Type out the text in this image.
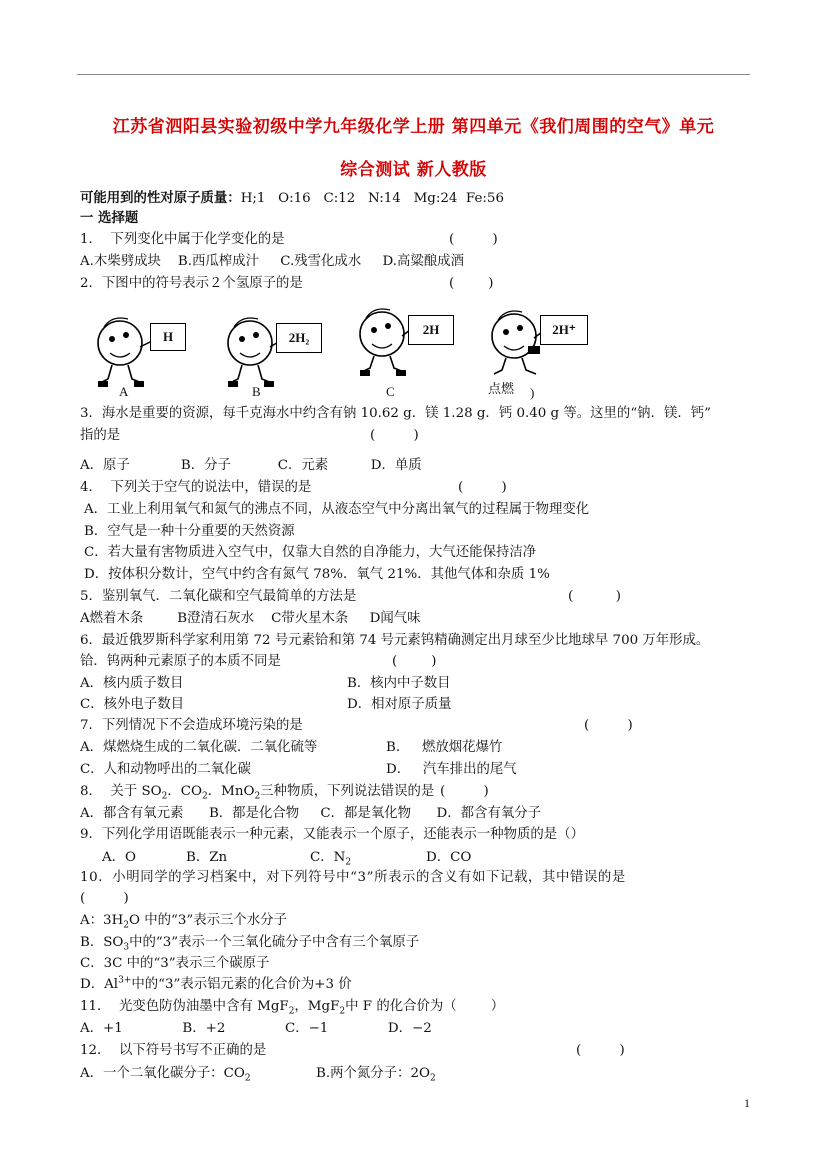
江苏省泗阳县实验初级中学九年级化学上册 第四单元《我们周围的空气》单元
综合测试 新人教版
可能用到的性对原子质量：H;1   O:16   C:12   N:14   Mg:24  Fe:56
一 选择题
1．  下列变化中属于化学变化的是	(         )
A.木柴劈成块    B.西瓜榨成汁     C.残雪化成水     D.高粱酿成酒
2．下图中的符号表示２个氢原子的是	(        )
H
A
2H₂
B
2H
C
2H⁺
点燃 )
3．海水是重要的资源，每千克海水中约含有钠 10.62 g．镁 1.28 g．钙 0.40 g 等。这里的“钠．镁．钙”
指的是	(         )
A．原子            B．分子           C．元素          D．单质
4．  下列关于空气的说法中，错误的是	(         )
A．工业上利用氧气和氮气的沸点不同，从液态空气中分离出氧气的过程属于物理变化
B．空气是一种十分重要的天然资源
C．若大量有害物质进入空气中，仅靠大自然的自净能力，大气还能保持洁净
D．按体积分数计，空气中约含有氮气 78%．氧气 21%．其他气体和杂质 1%
5．鉴别氧气．二氧化碳和空气最简单的方法是	(          )
A燃着木条        B澄清石灰水    C带火星木条     D闻气味
6．最近俄罗斯科学家利用第 72 号元素铪和第 74 号元素钨精确测定出月球至少比地球早 700 万年形成。
铪．钨两种元素原子的本质不同是	(        )
A．核内质子数目	B．核内中子数目
C．核外电子数目	D．相对原子质量
7．下列情况下不会造成环境污染的是	(         )
A．煤燃烧生成的二氧化碳．二氧化硫等	B．   燃放烟花爆竹
C．人和动物呼出的二氧化碳	D．   汽车排出的尾气
8．  关于 $SO_2$．$CO_2$．MnO$_2$三种物质，下列说法错误的是 (         )
A．都含有氧元素      B．都是化合物     C．都是氧化物      D．都含有氧分子
9．下列化学用语既能表示一种元素，又能表示一个原子，还能表示一种物质的是（）
A．O	B．Zn	C．$N_2$	D．CO
10．小明同学的学习档案中，对下列符号中“3”所表示的含义有如下记载，其中错误的是
(         )
A：$3H_2O$ 中的“3”表示三个水分子
B．$SO_3$中的“3”表示一个三氧化硫分子中含有三个氧原子
C．3C 中的“3”表示三个碳原子
D．$Al^{3+}$中的“3”表示铝元素的化合价为+3 价
11．  光变色防伪油墨中含有 MgF$_2$，MgF$_2$中 F 的化合价为（        ）
A．+1              B．+2              C．−1              D．−2
12．  以下符号书写不正确的是	(         )
A．一个二氧化碳分子：$CO_2$	B.两个氮分子：$2O_2$
1
